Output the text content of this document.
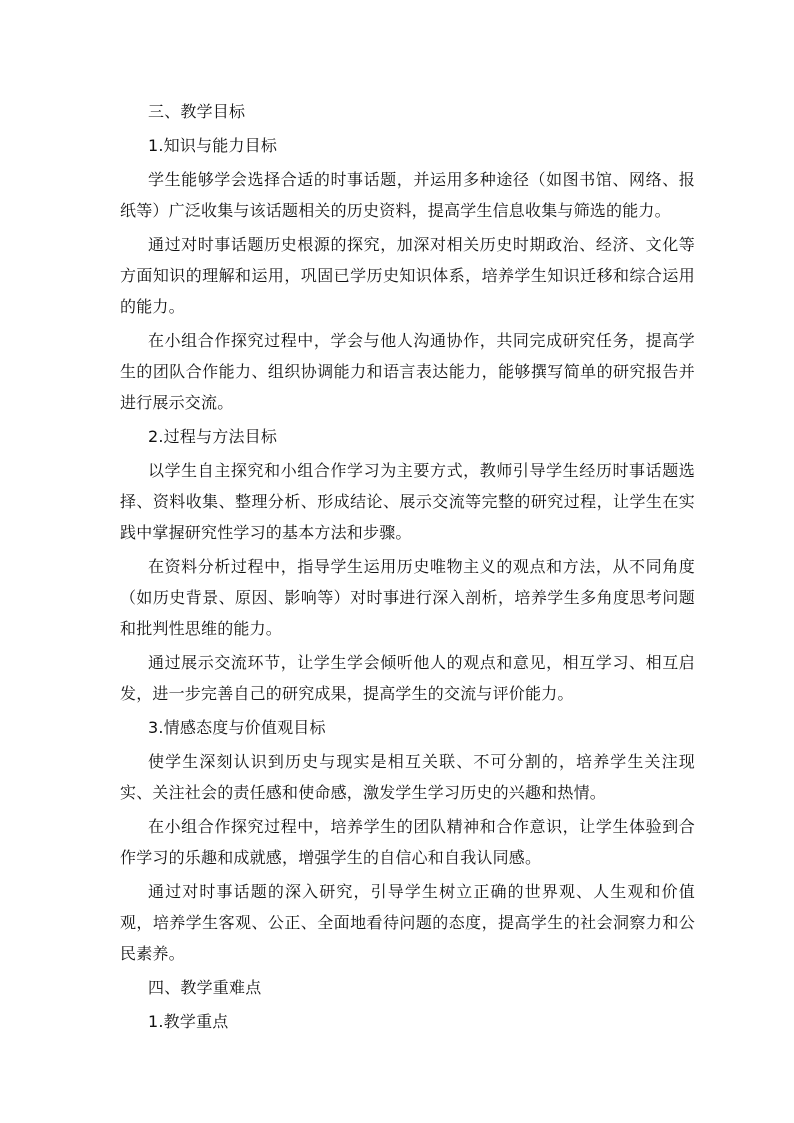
三、教学目标

1.知识与能力目标

学生能够学会选择合适的时事话题，并运用多种途径（如图书馆、网络、报纸等）广泛收集与该话题相关的历史资料，提高学生信息收集与筛选的能力。

通过对时事话题历史根源的探究，加深对相关历史时期政治、经济、文化等方面知识的理解和运用，巩固已学历史知识体系，培养学生知识迁移和综合运用的能力。

在小组合作探究过程中，学会与他人沟通协作，共同完成研究任务，提高学生的团队合作能力、组织协调能力和语言表达能力，能够撰写简单的研究报告并进行展示交流。

2.过程与方法目标

以学生自主探究和小组合作学习为主要方式，教师引导学生经历时事话题选择、资料收集、整理分析、形成结论、展示交流等完整的研究过程，让学生在实践中掌握研究性学习的基本方法和步骤。

在资料分析过程中，指导学生运用历史唯物主义的观点和方法，从不同角度（如历史背景、原因、影响等）对时事进行深入剖析，培养学生多角度思考问题和批判性思维的能力。

通过展示交流环节，让学生学会倾听他人的观点和意见，相互学习、相互启发，进一步完善自己的研究成果，提高学生的交流与评价能力。

3.情感态度与价值观目标

使学生深刻认识到历史与现实是相互关联、不可分割的，培养学生关注现实、关注社会的责任感和使命感，激发学生学习历史的兴趣和热情。

在小组合作探究过程中，培养学生的团队精神和合作意识，让学生体验到合作学习的乐趣和成就感，增强学生的自信心和自我认同感。

通过对时事话题的深入研究，引导学生树立正确的世界观、人生观和价值观，培养学生客观、公正、全面地看待问题的态度，提高学生的社会洞察力和公民素养。

四、教学重难点

1.教学重点
